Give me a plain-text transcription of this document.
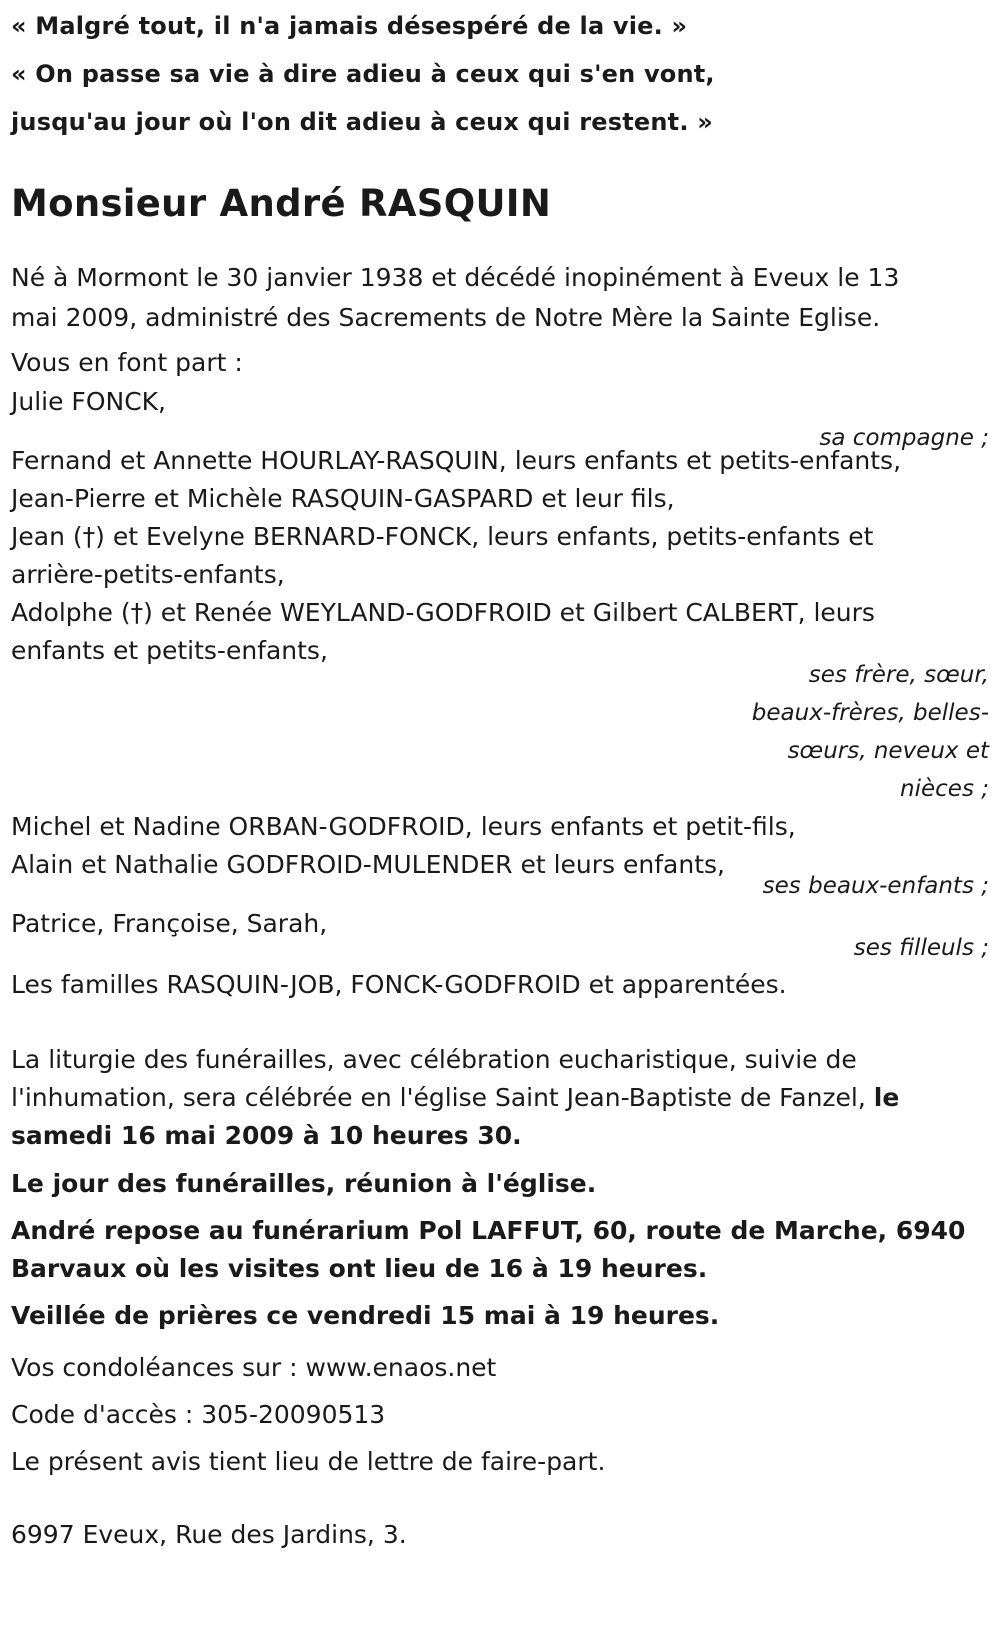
« Malgré tout, il n'a jamais désespéré de la vie. »

« On passe sa vie à dire adieu à ceux qui s'en vont,

jusqu'au jour où l'on dit adieu à ceux qui restent. »

Monsieur André RASQUIN

Né à Mormont le 30 janvier 1938 et décédé inopinément à Eveux le 13

mai 2009, administré des Sacrements de Notre Mère la Sainte Eglise.

Vous en font part :

Julie FONCK,

sa compagne ;

Fernand et Annette HOURLAY-RASQUIN, leurs enfants et petits-enfants,

Jean-Pierre et Michèle RASQUIN-GASPARD et leur fils,

Jean (†) et Evelyne BERNARD-FONCK, leurs enfants, petits-enfants et

arrière-petits-enfants,

Adolphe (†) et Renée WEYLAND-GODFROID et Gilbert CALBERT, leurs

enfants et petits-enfants,

ses frère, sœur,

beaux-frères, belles-

sœurs, neveux et

nièces ;

Michel et Nadine ORBAN-GODFROID, leurs enfants et petit-fils,

Alain et Nathalie GODFROID-MULENDER et leurs enfants,

ses beaux-enfants ;

Patrice, Françoise, Sarah,

ses filleuls ;

Les familles RASQUIN-JOB, FONCK-GODFROID et apparentées.

La liturgie des funérailles, avec célébration eucharistique, suivie de

l'inhumation, sera célébrée en l'église Saint Jean-Baptiste de Fanzel, le

samedi 16 mai 2009 à 10 heures 30.

Le jour des funérailles, réunion à l'église.

André repose au funérarium Pol LAFFUT, 60, route de Marche, 6940

Barvaux où les visites ont lieu de 16 à 19 heures.

Veillée de prières ce vendredi 15 mai à 19 heures.

Vos condoléances sur : www.enaos.net

Code d'accès : 305-20090513

Le présent avis tient lieu de lettre de faire-part.

6997 Eveux, Rue des Jardins, 3.
